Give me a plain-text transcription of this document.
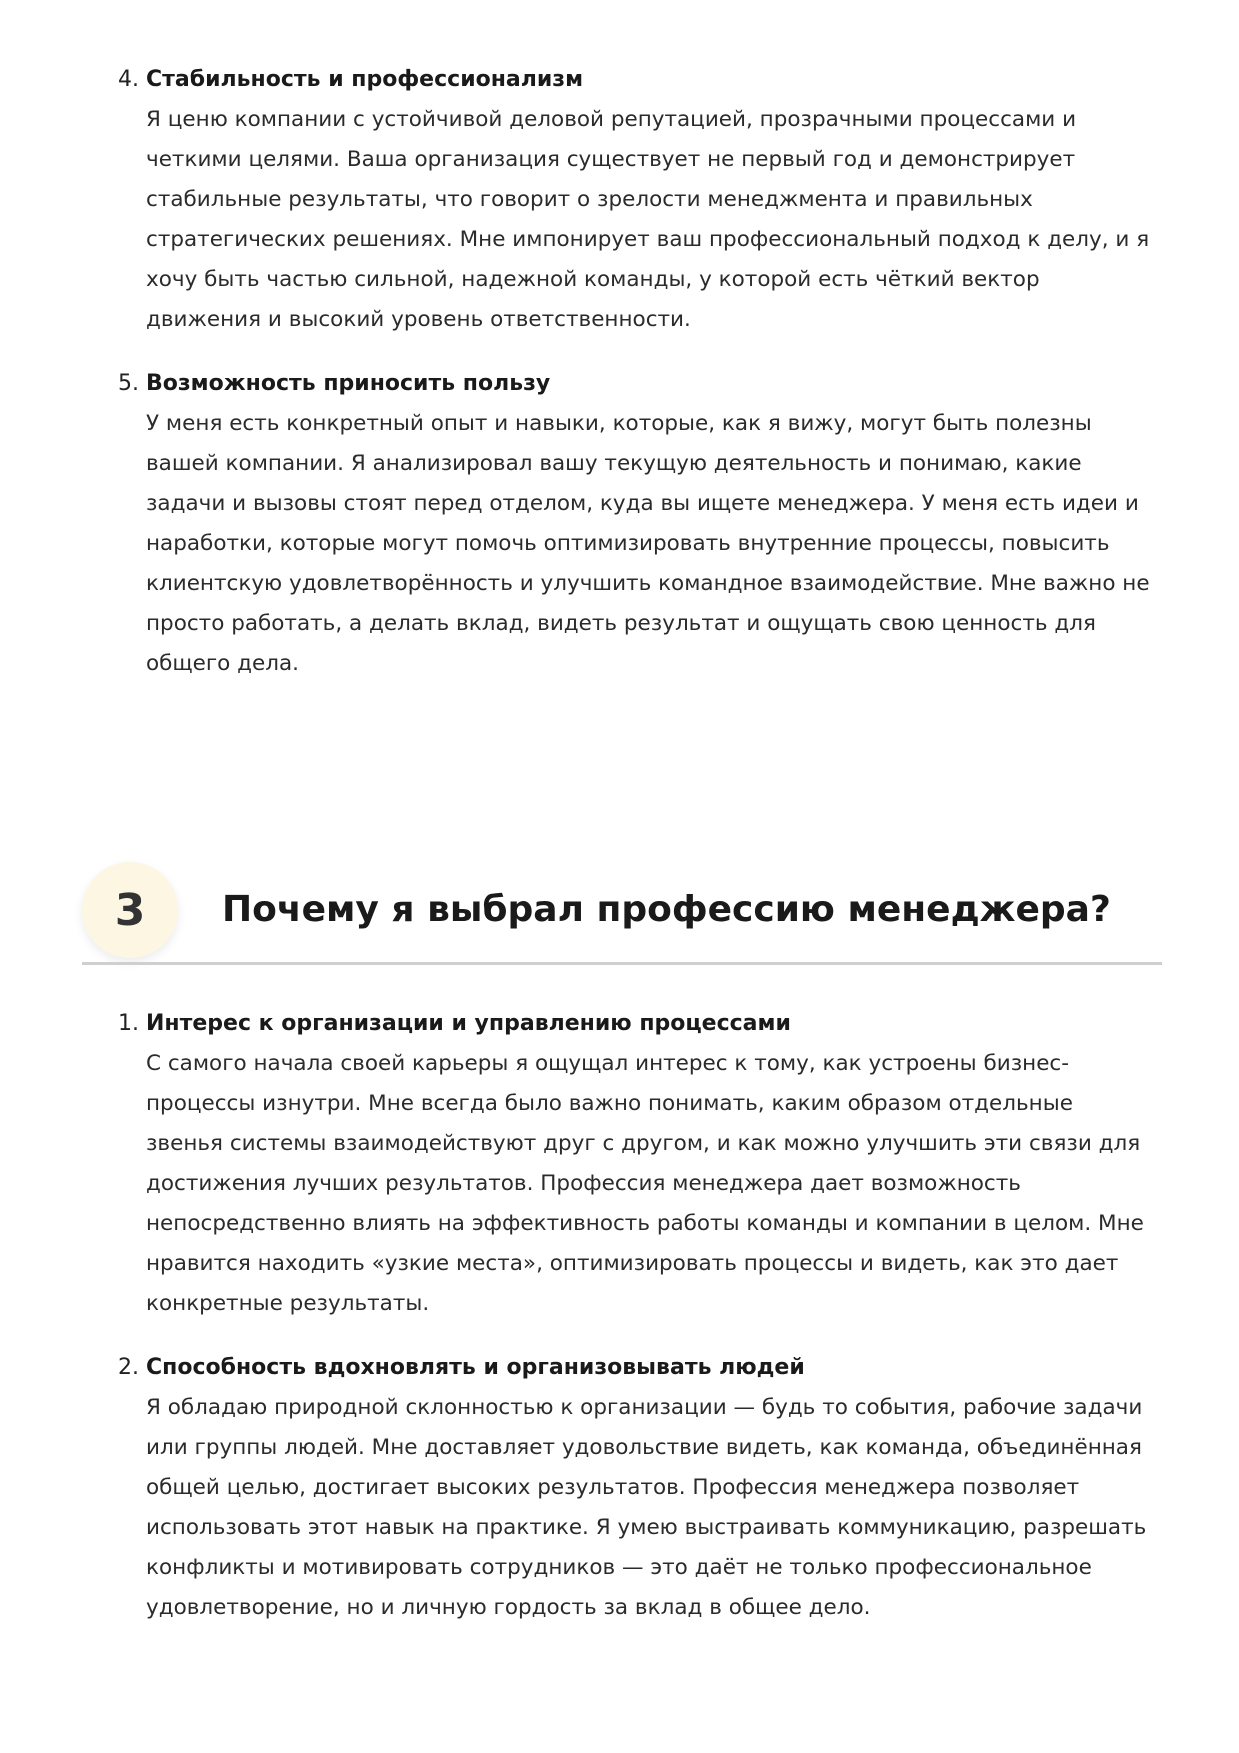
4. Стабильность и профессионализм

Я ценю компании с устойчивой деловой репутацией, прозрачными процессами и четкими целями. Ваша организация существует не первый год и демонстрирует стабильные результаты, что говорит о зрелости менеджмента и правильных стратегических решениях. Мне импонирует ваш профессиональный подход к делу, и я хочу быть частью сильной, надежной команды, у которой есть чёткий вектор движения и высокий уровень ответственности.

5. Возможность приносить пользу

У меня есть конкретный опыт и навыки, которые, как я вижу, могут быть полезны вашей компании. Я анализировал вашу текущую деятельность и понимаю, какие задачи и вызовы стоят перед отделом, куда вы ищете менеджера. У меня есть идеи и наработки, которые могут помочь оптимизировать внутренние процессы, повысить клиентскую удовлетворённость и улучшить командное взаимодействие. Мне важно не просто работать, а делать вклад, видеть результат и ощущать свою ценность для общего дела.

3	Почему я выбрал профессию менеджера?
1. Интерес к организации и управлению процессами

С самого начала своей карьеры я ощущал интерес к тому, как устроены бизнес-процессы изнутри. Мне всегда было важно понимать, каким образом отдельные звенья системы взаимодействуют друг с другом, и как можно улучшить эти связи для достижения лучших результатов. Профессия менеджера дает возможность непосредственно влиять на эффективность работы команды и компании в целом. Мне нравится находить «узкие места», оптимизировать процессы и видеть, как это дает конкретные результаты.

2. Способность вдохновлять и организовывать людей

Я обладаю природной склонностью к организации — будь то события, рабочие задачи или группы людей. Мне доставляет удовольствие видеть, как команда, объединённая общей целью, достигает высоких результатов. Профессия менеджера позволяет использовать этот навык на практике. Я умею выстраивать коммуникацию, разрешать конфликты и мотивировать сотрудников — это даёт не только профессиональное удовлетворение, но и личную гордость за вклад в общее дело.
